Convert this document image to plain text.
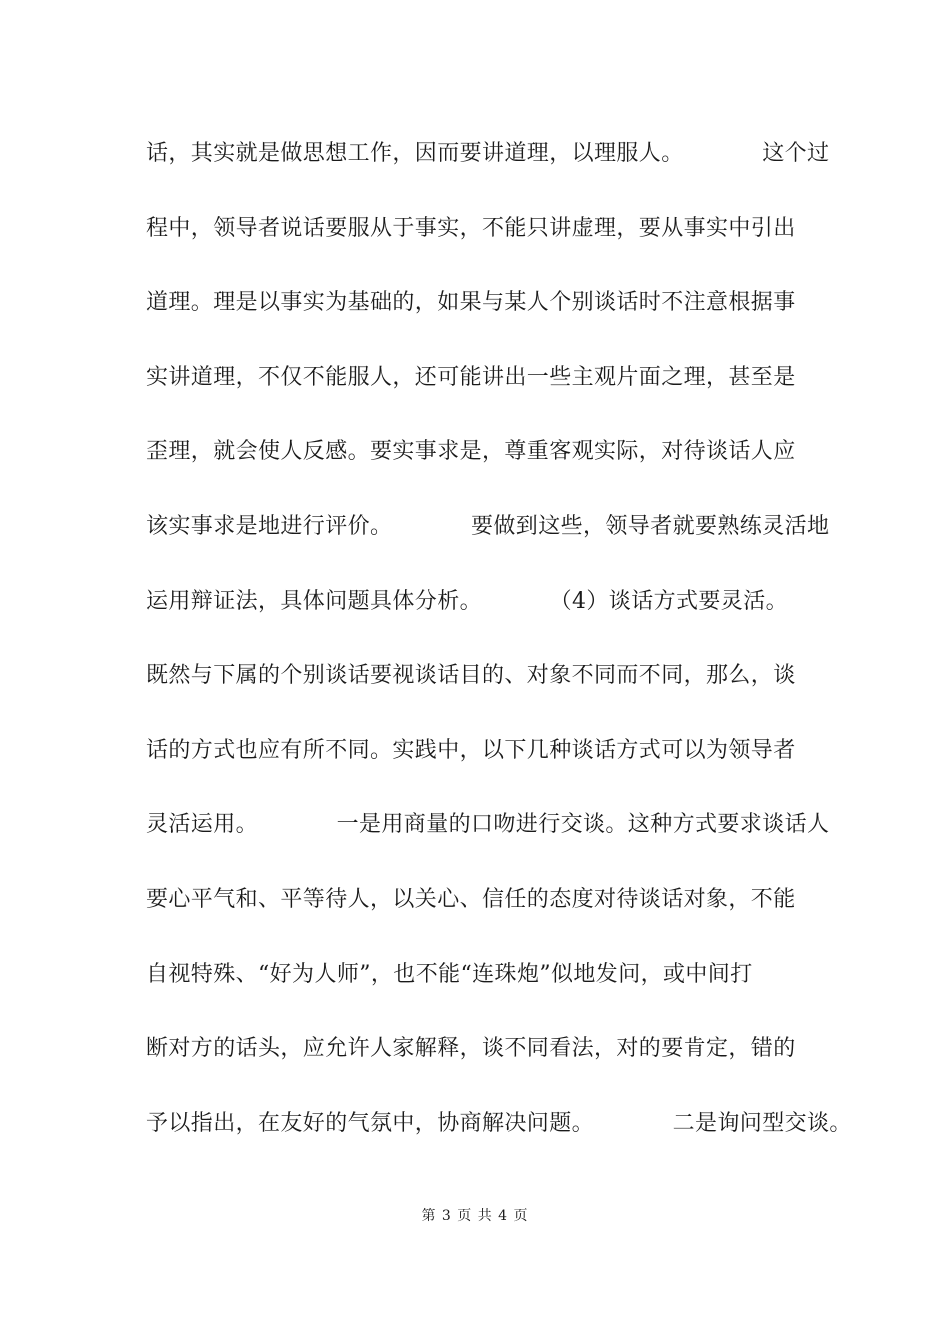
话，其实就是做思想工作，因而要讲道理，以理服人。　　　　这个过
程中，领导者说话要服从于事实，不能只讲虚理，要从事实中引出
道理。理是以事实为基础的，如果与某人个别谈话时不注意根据事
实讲道理，不仅不能服人，还可能讲出一些主观片面之理，甚至是
歪理，就会使人反感。要实事求是，尊重客观实际，对待谈话人应
该实事求是地进行评价。　　　　要做到这些，领导者就要熟练灵活地
运用辩证法，具体问题具体分析。　　　　（4）谈话方式要灵活。
既然与下属的个别谈话要视谈话目的、对象不同而不同，那么，谈
话的方式也应有所不同。实践中，以下几种谈话方式可以为领导者
灵活运用。　　　　一是用商量的口吻进行交谈。这种方式要求谈话人
要心平气和、平等待人，以关心、信任的态度对待谈话对象，不能
自视特殊、“好为人师”，也不能“连珠炮”似地发问，或中间打
断对方的话头，应允许人家解释，谈不同看法，对的要肯定，错的
予以指出，在友好的气氛中，协商解决问题。　　　　二是询问型交谈。
第 3 页 共 4 页
